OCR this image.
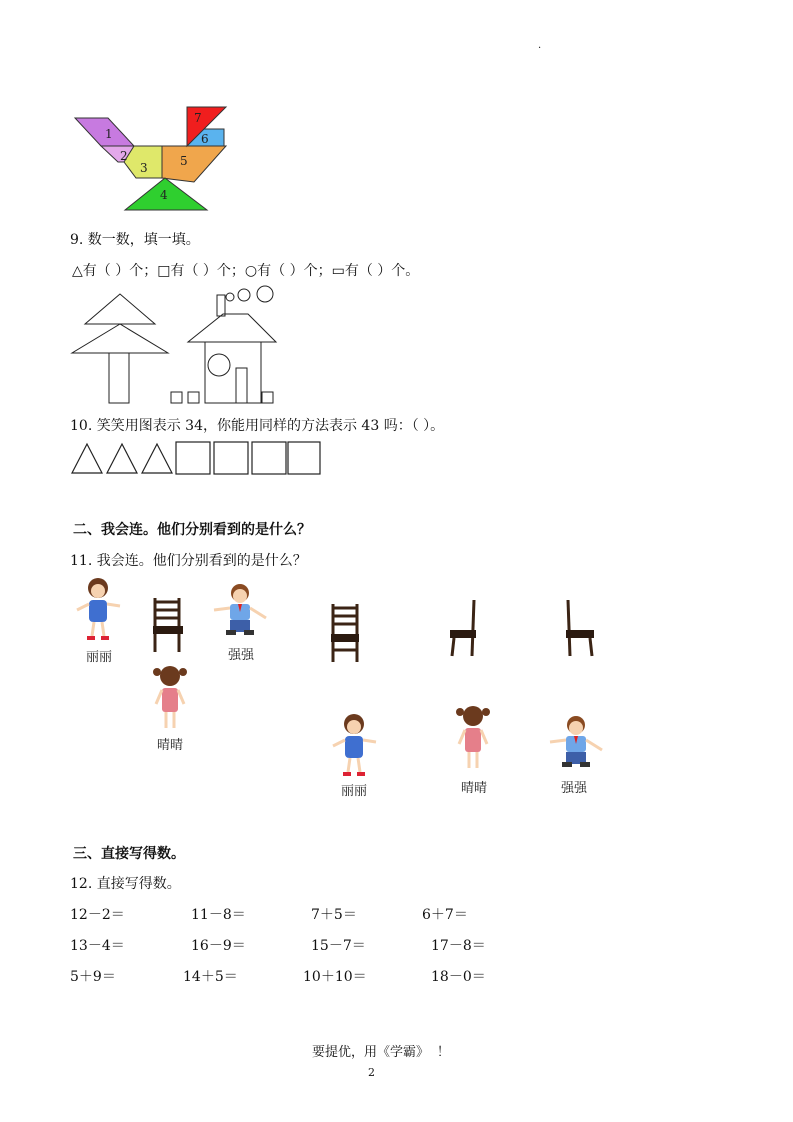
.
1
2
3	5
4
6
7
9. 数一数，填一填。
△有（ ）个；□有（ ）个；○有（ ）个；▭有（ ）个。
10. 笑笑用图表示 34，你能用同样的方法表示 43 吗：（ ）。
二、我会连。他们分别看到的是什么？
11. 我会连。他们分别看到的是什么？
丽丽	强强
晴晴
丽丽	晴晴	强强
三、直接写得数。
12. 直接写得数。
12－2＝	11－8＝	7＋5＝	6＋7＝
13－4＝	16－9＝	15－7＝	17－8＝
5＋9＝	14＋5＝	10＋10＝	18－0＝
要提优，用《学霸》 ！
2
